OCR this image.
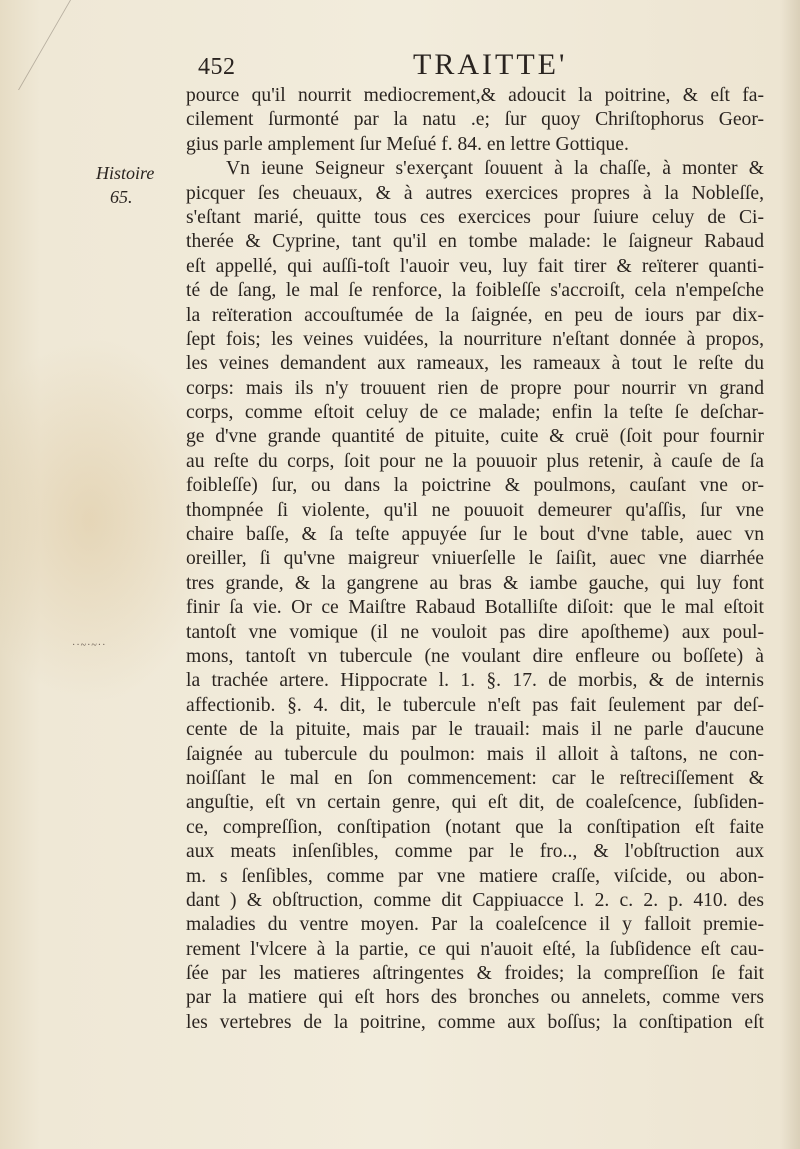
452	TRAITTE'
Histoire
65.
··~·~··
pource qu'il nourrit mediocrement,& adoucit la poitrine, & eſt fa-
cilement ſurmonté par la natu .e; ſur quoy Chriſtophorus Geor-
gius parle amplement ſur Meſué f. 84. en lettre Gottique.
Vn ieune Seigneur s'exerçant ſouuent à la chaſſe, à monter &
picquer ſes cheuaux, & à autres exercices propres à la Nobleſſe,
s'eſtant marié, quitte tous ces exercices pour ſuiure celuy de Ci-
therée & Cyprine, tant qu'il en tombe malade: le ſaigneur Rabaud
eſt appellé, qui auſſi-toſt l'auoir veu, luy fait tirer & reïterer quanti-
té de ſang, le mal ſe renforce, la foibleſſe s'accroiſt, cela n'empeſche
la reïteration accouſtumée de la ſaignée, en peu de iours par dix-
ſept fois; les veines vuidées, la nourriture n'eſtant donnée à propos,
les veines demandent aux rameaux, les rameaux à tout le reſte du
corps: mais ils n'y trouuent rien de propre pour nourrir vn grand
corps, comme eſtoit celuy de ce malade; enfin la teſte ſe deſchar-
ge d'vne grande quantité de pituite, cuite & cruë (ſoit pour fournir
au reſte du corps, ſoit pour ne la pouuoir plus retenir, à cauſe de ſa
foibleſſe) ſur, ou dans la poictrine & poulmons, cauſant vne or-
thompnée ſi violente, qu'il ne pouuoit demeurer qu'aſſis, ſur vne
chaire baſſe, & ſa teſte appuyée ſur le bout d'vne table, auec vn
oreiller, ſi qu'vne maigreur vniuerſelle le ſaiſit, auec vne diarrhée
tres grande, & la gangrene au bras & iambe gauche, qui luy font
finir ſa vie. Or ce Maiſtre Rabaud Botalliſte diſoit: que le mal eſtoit
tantoſt vne vomique (il ne vouloit pas dire apoſtheme) aux poul-
mons, tantoſt vn tubercule (ne voulant dire enfleure ou boſſete) à
la trachée artere. Hippocrate l. 1. §. 17. de morbis, & de internis
affectionib. §. 4. dit, le tubercule n'eſt pas fait ſeulement par deſ-
cente de la pituite, mais par le trauail: mais il ne parle d'aucune
ſaignée au tubercule du poulmon: mais il alloit à taſtons, ne con-
noiſſant le mal en ſon commencement: car le reſtreciſſement &
anguſtie, eſt vn certain genre, qui eſt dit, de coaleſcence, ſubſiden-
ce, compreſſion, conſtipation (notant que la conſtipation eſt faite
aux meats inſenſibles, comme par le fro.., & l'obſtruction aux
m. s ſenſibles, comme par vne matiere craſſe, viſcide, ou abon-
dant ) & obſtruction, comme dit Cappiuacce l. 2. c. 2. p. 410. des
maladies du ventre moyen. Par la coaleſcence il y falloit premie-
rement l'vlcere à la partie, ce qui n'auoit eſté, la ſubſidence eſt cau-
ſée par les matieres aſtringentes & froides; la compreſſion ſe fait
par la matiere qui eſt hors des bronches ou annelets, comme vers
les vertebres de la poitrine, comme aux boſſus; la conſtipation eſt
